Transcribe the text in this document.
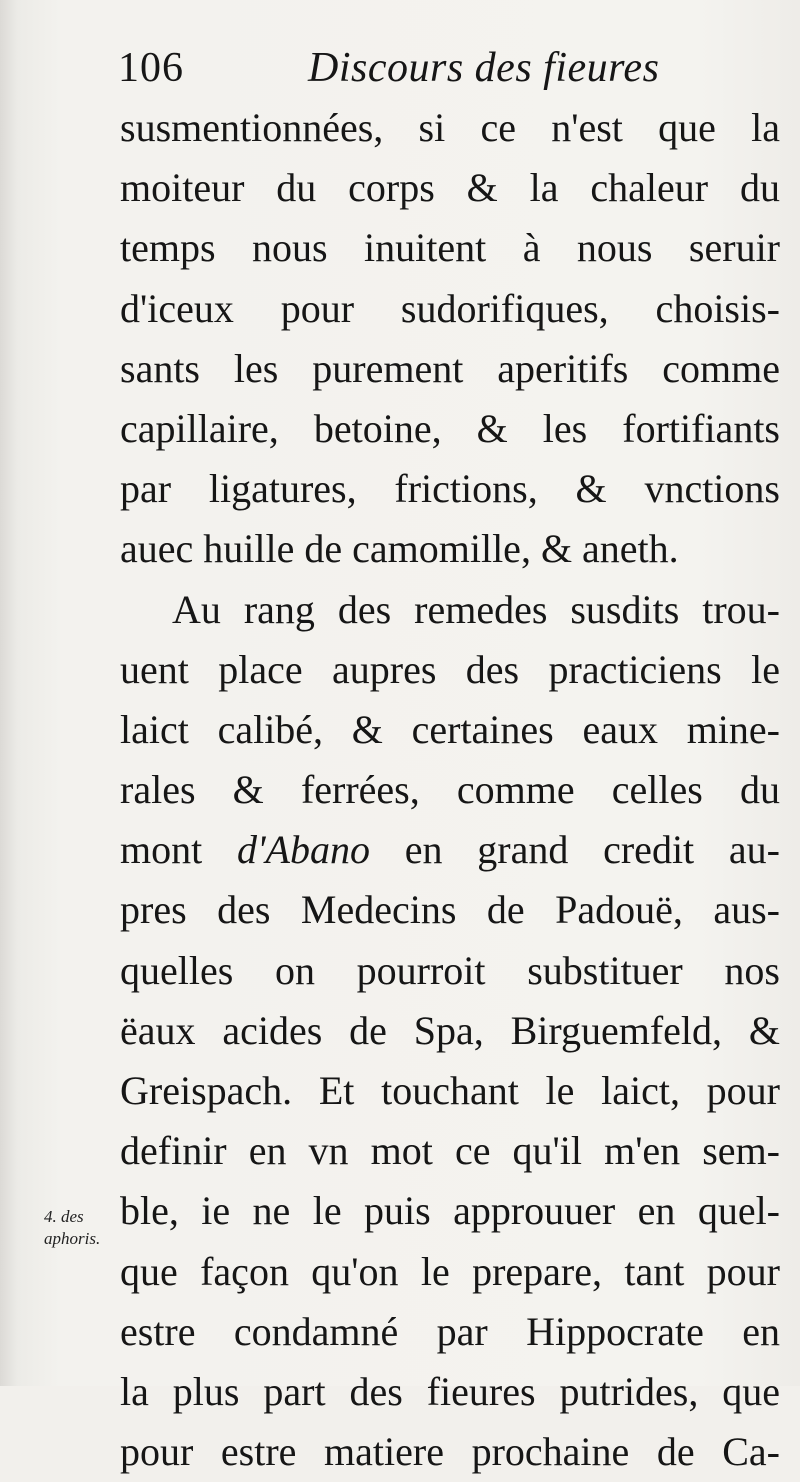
106	Discours des fieures
susmentionnées, si ce n'est que la
moiteur du corps & la chaleur du
temps nous inuitent à nous seruir
d'iceux pour sudorifiques, choisis-
sants les purement aperitifs comme
capillaire, betoine, & les fortifiants
par ligatures, frictions, & vnctions
auec huille de camomille, & aneth.
Au rang des remedes susdits trou-
uent place aupres des practiciens le
laict calibé, & certaines eaux mine-
rales & ferrées, comme celles du
mont d'Abano en grand credit au-
pres des Medecins de Padouë, aus-
quelles on pourroit substituer nos
ëaux acides de Spa, Birguemfeld, &
Greispach. Et touchant le laict, pour
definir en vn mot ce qu'il m'en sem-
ble, ie ne le puis approuuer en quel-
que façon qu'on le prepare, tant pour
estre condamné par Hippocrate en
la plus part des fieures putrides, que
pour estre matiere prochaine de Ca-
4. des
aphoris.
